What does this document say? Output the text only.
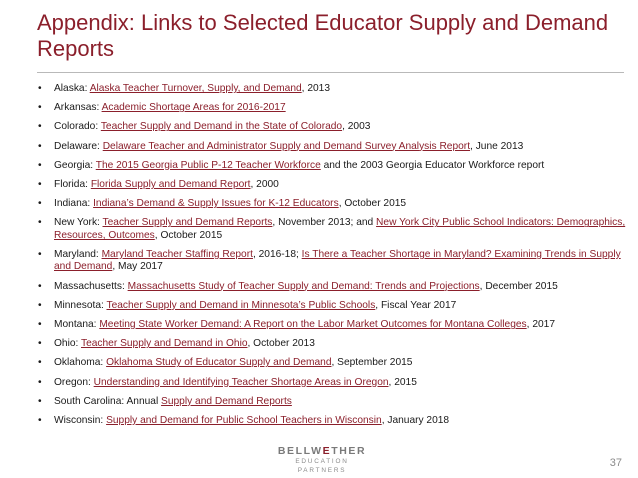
Appendix: Links to Selected Educator Supply and Demand Reports
• Alaska: Alaska Teacher Turnover, Supply, and Demand, 2013
• Arkansas: Academic Shortage Areas for 2016-2017
• Colorado: Teacher Supply and Demand in the State of Colorado, 2003
• Delaware: Delaware Teacher and Administrator Supply and Demand Survey Analysis Report, June 2013
• Georgia: The 2015 Georgia Public P-12 Teacher Workforce and the 2003 Georgia Educator Workforce report
• Florida: Florida Supply and Demand Report, 2000
• Indiana: Indiana’s Demand & Supply Issues for K-12 Educators, October 2015
• New York: Teacher Supply and Demand Reports, November 2013; and New York City Public School Indicators: Demographics, Resources, Outcomes, October 2015
• Maryland: Maryland Teacher Staffing Report, 2016-18; Is There a Teacher Shortage in Maryland? Examining Trends in Supply and Demand, May 2017
• Massachusetts: Massachusetts Study of Teacher Supply and Demand: Trends and Projections, December 2015
• Minnesota: Teacher Supply and Demand in Minnesota’s Public Schools, Fiscal Year 2017
• Montana: Meeting State Worker Demand: A Report on the Labor Market Outcomes for Montana Colleges, 2017
• Ohio: Teacher Supply and Demand in Ohio, October 2013
• Oklahoma: Oklahoma Study of Educator Supply and Demand, September 2015
• Oregon: Understanding and Identifying Teacher Shortage Areas in Oregon, 2015
• South Carolina: Annual Supply and Demand Reports
• Wisconsin: Supply and Demand for Public School Teachers in Wisconsin, January 2018
BELLWETHER
EDUCATION PARTNERS
37
